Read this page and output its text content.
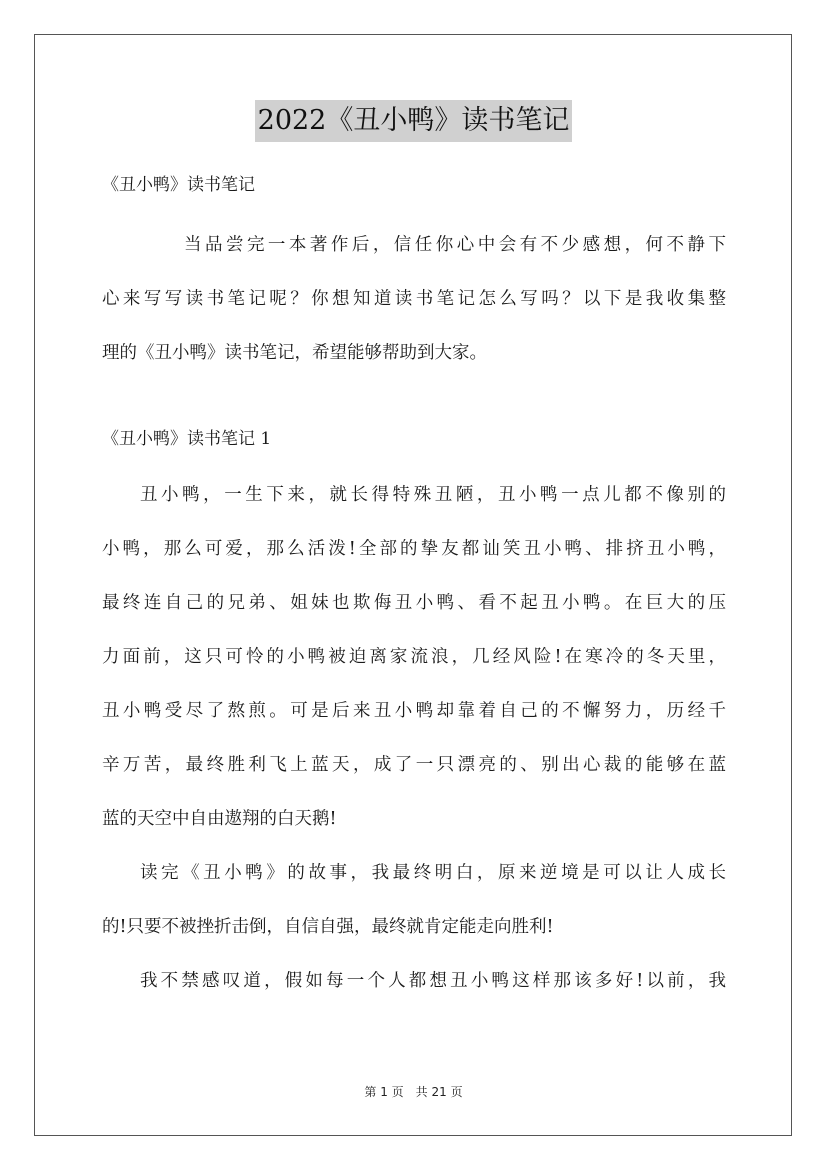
2022《丑小鸭》读书笔记
《丑小鸭》读书笔记
当品尝完一本著作后，信任你心中会有不少感想，何不静下
心来写写读书笔记呢？你想知道读书笔记怎么写吗？以下是我收集整
理的《丑小鸭》读书笔记，希望能够帮助到大家。
《丑小鸭》读书笔记 1
丑小鸭，一生下来，就长得特殊丑陋，丑小鸭一点儿都不像别的
小鸭，那么可爱，那么活泼!全部的挚友都讪笑丑小鸭、排挤丑小鸭，
最终连自己的兄弟、姐妹也欺侮丑小鸭、看不起丑小鸭。在巨大的压
力面前，这只可怜的小鸭被迫离家流浪，几经风险!在寒冷的冬天里，
丑小鸭受尽了熬煎。可是后来丑小鸭却靠着自己的不懈努力，历经千
辛万苦，最终胜利飞上蓝天，成了一只漂亮的、别出心裁的能够在蓝
蓝的天空中自由遨翔的白天鹅!
读完《丑小鸭》的故事，我最终明白，原来逆境是可以让人成长
的!只要不被挫折击倒，自信自强，最终就肯定能走向胜利!
我不禁感叹道，假如每一个人都想丑小鸭这样那该多好!以前，我
第 1 页　共 21 页
